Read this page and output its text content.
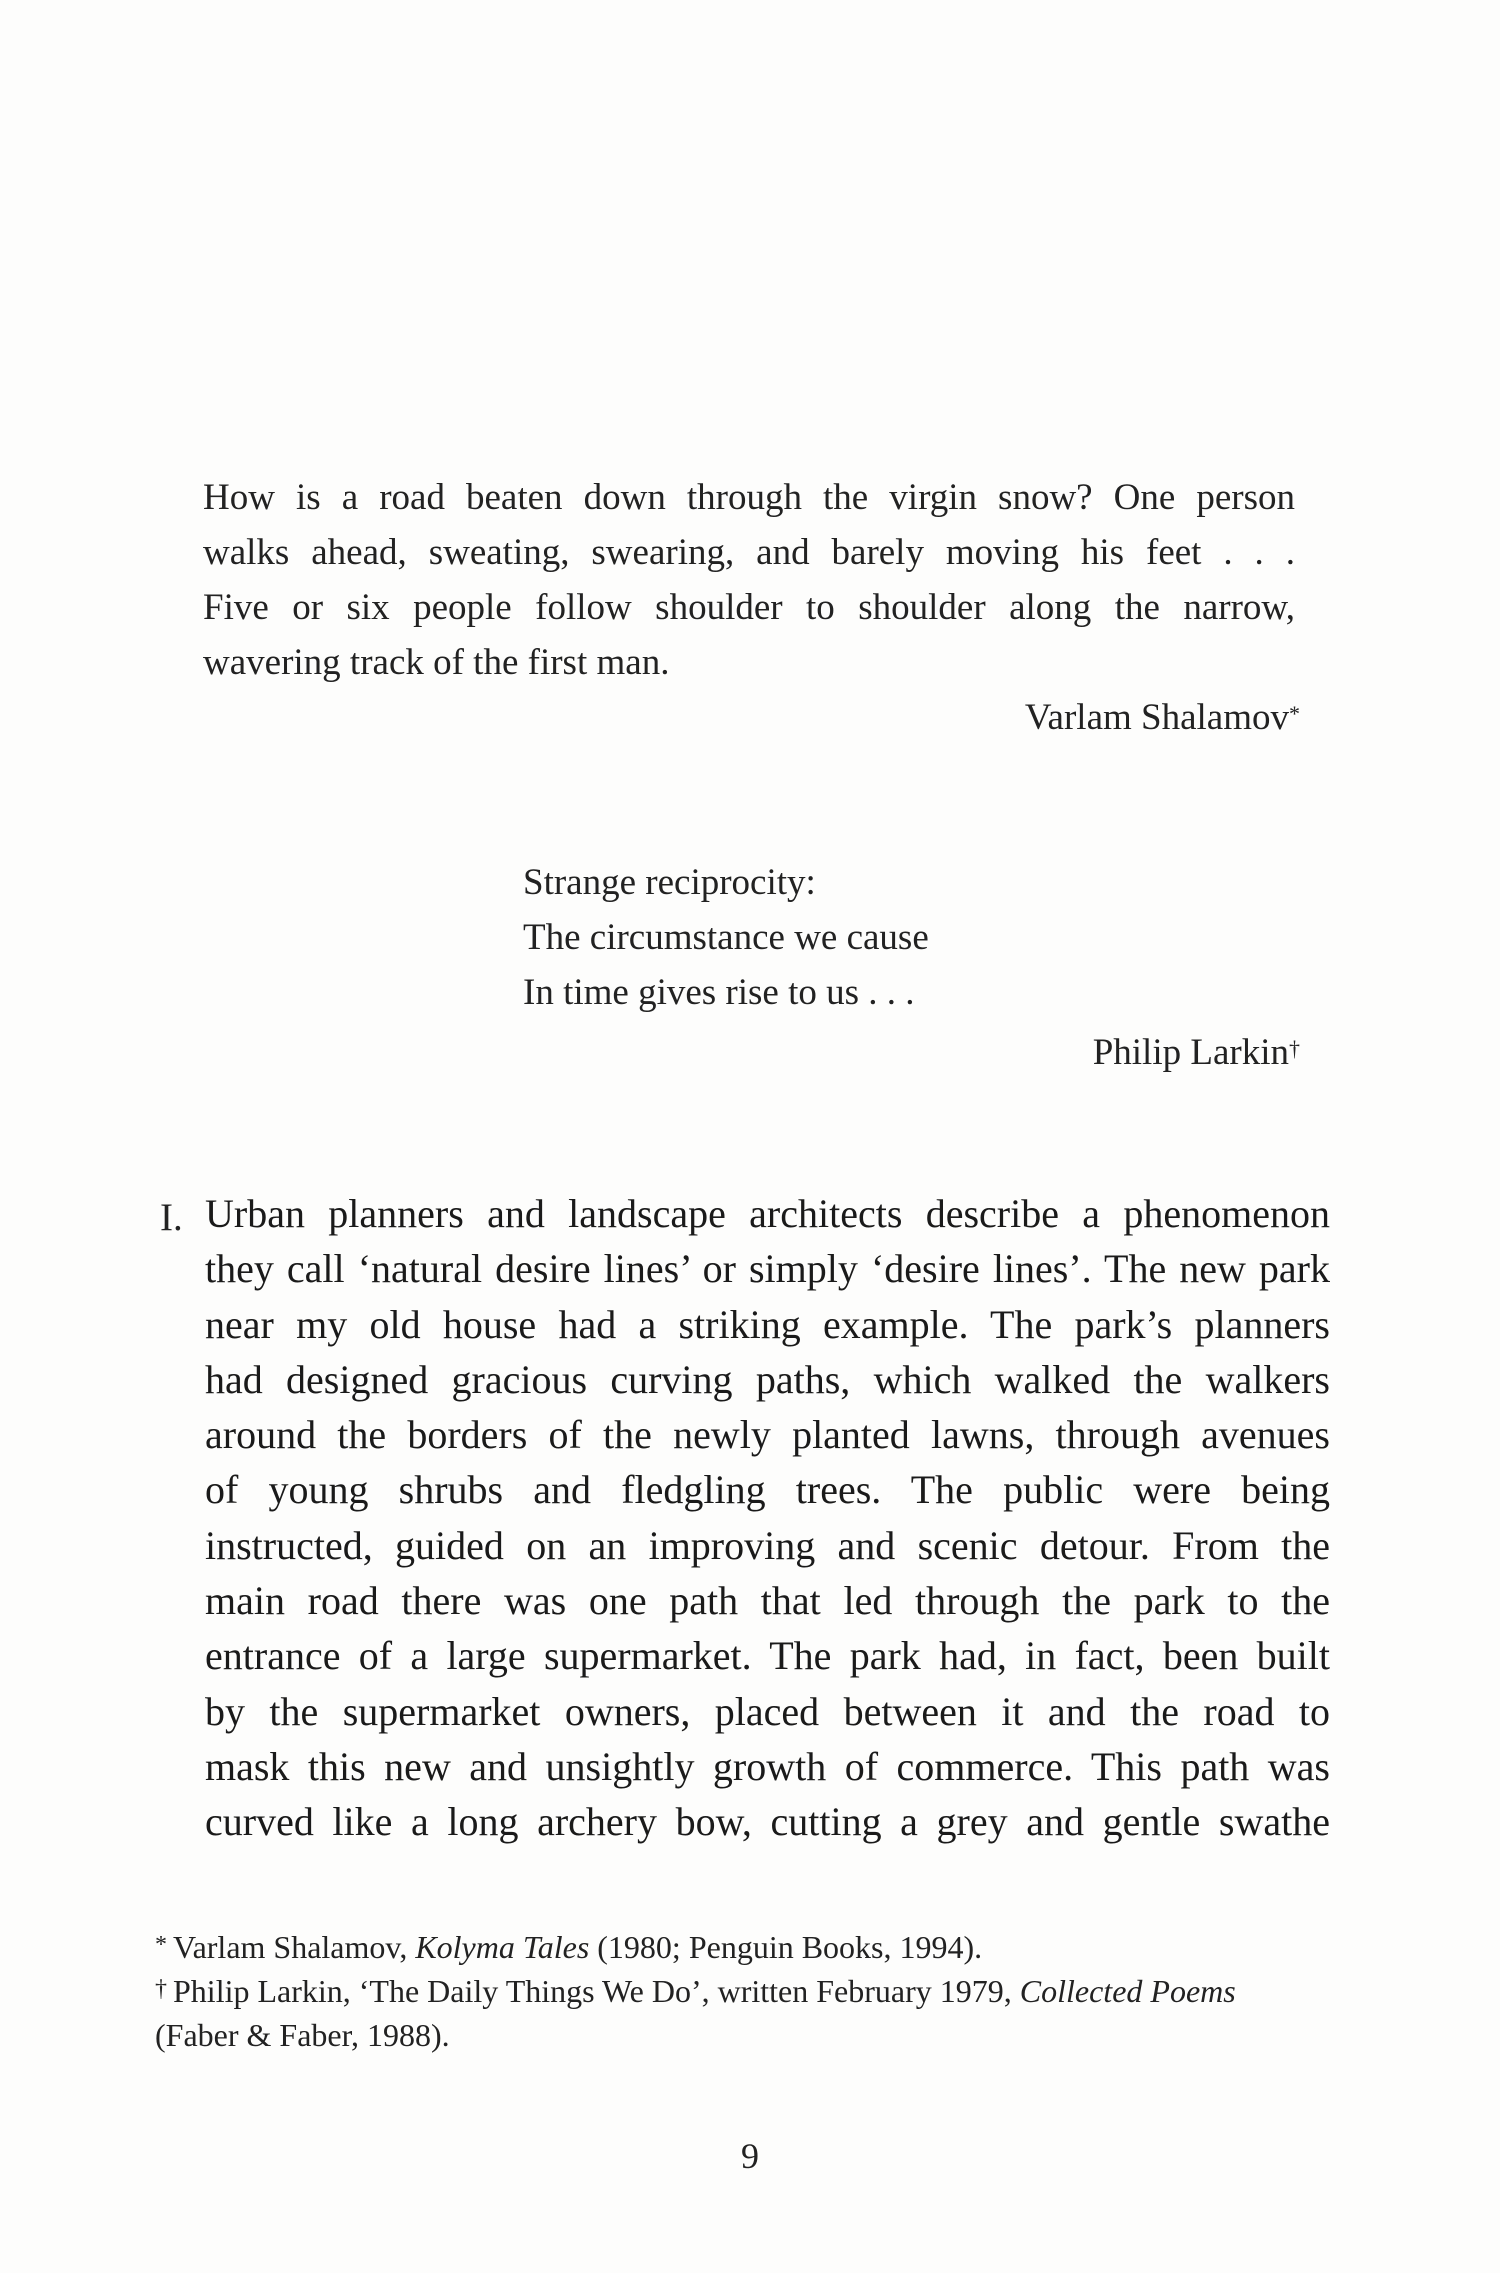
How is a road beaten down through the virgin snow? One person
walks ahead, sweating, swearing, and barely moving his feet . . .
Five or six people follow shoulder to shoulder along the narrow,
wavering track of the first man.
Varlam Shalamov*
Strange reciprocity:
The circumstance we cause
In time gives rise to us . . .
Philip Larkin†
I. Urban planners and landscape architects describe a phenomenon
they call ‘natural desire lines’ or simply ‘desire lines’. The new park
near my old house had a striking example. The park’s planners
had designed gracious curving paths, which walked the walkers
around the borders of the newly planted lawns, through avenues
of young shrubs and fledgling trees. The public were being
instructed, guided on an improving and scenic detour. From the
main road there was one path that led through the park to the
entrance of a large supermarket. The park had, in fact, been built
by the supermarket owners, placed between it and the road to
mask this new and unsightly growth of commerce. This path was
curved like a long archery bow, cutting a grey and gentle swathe
* Varlam Shalamov, Kolyma Tales (1980; Penguin Books, 1994).
† Philip Larkin, ‘The Daily Things We Do’, written February 1979, Collected Poems
(Faber & Faber, 1988).
9
